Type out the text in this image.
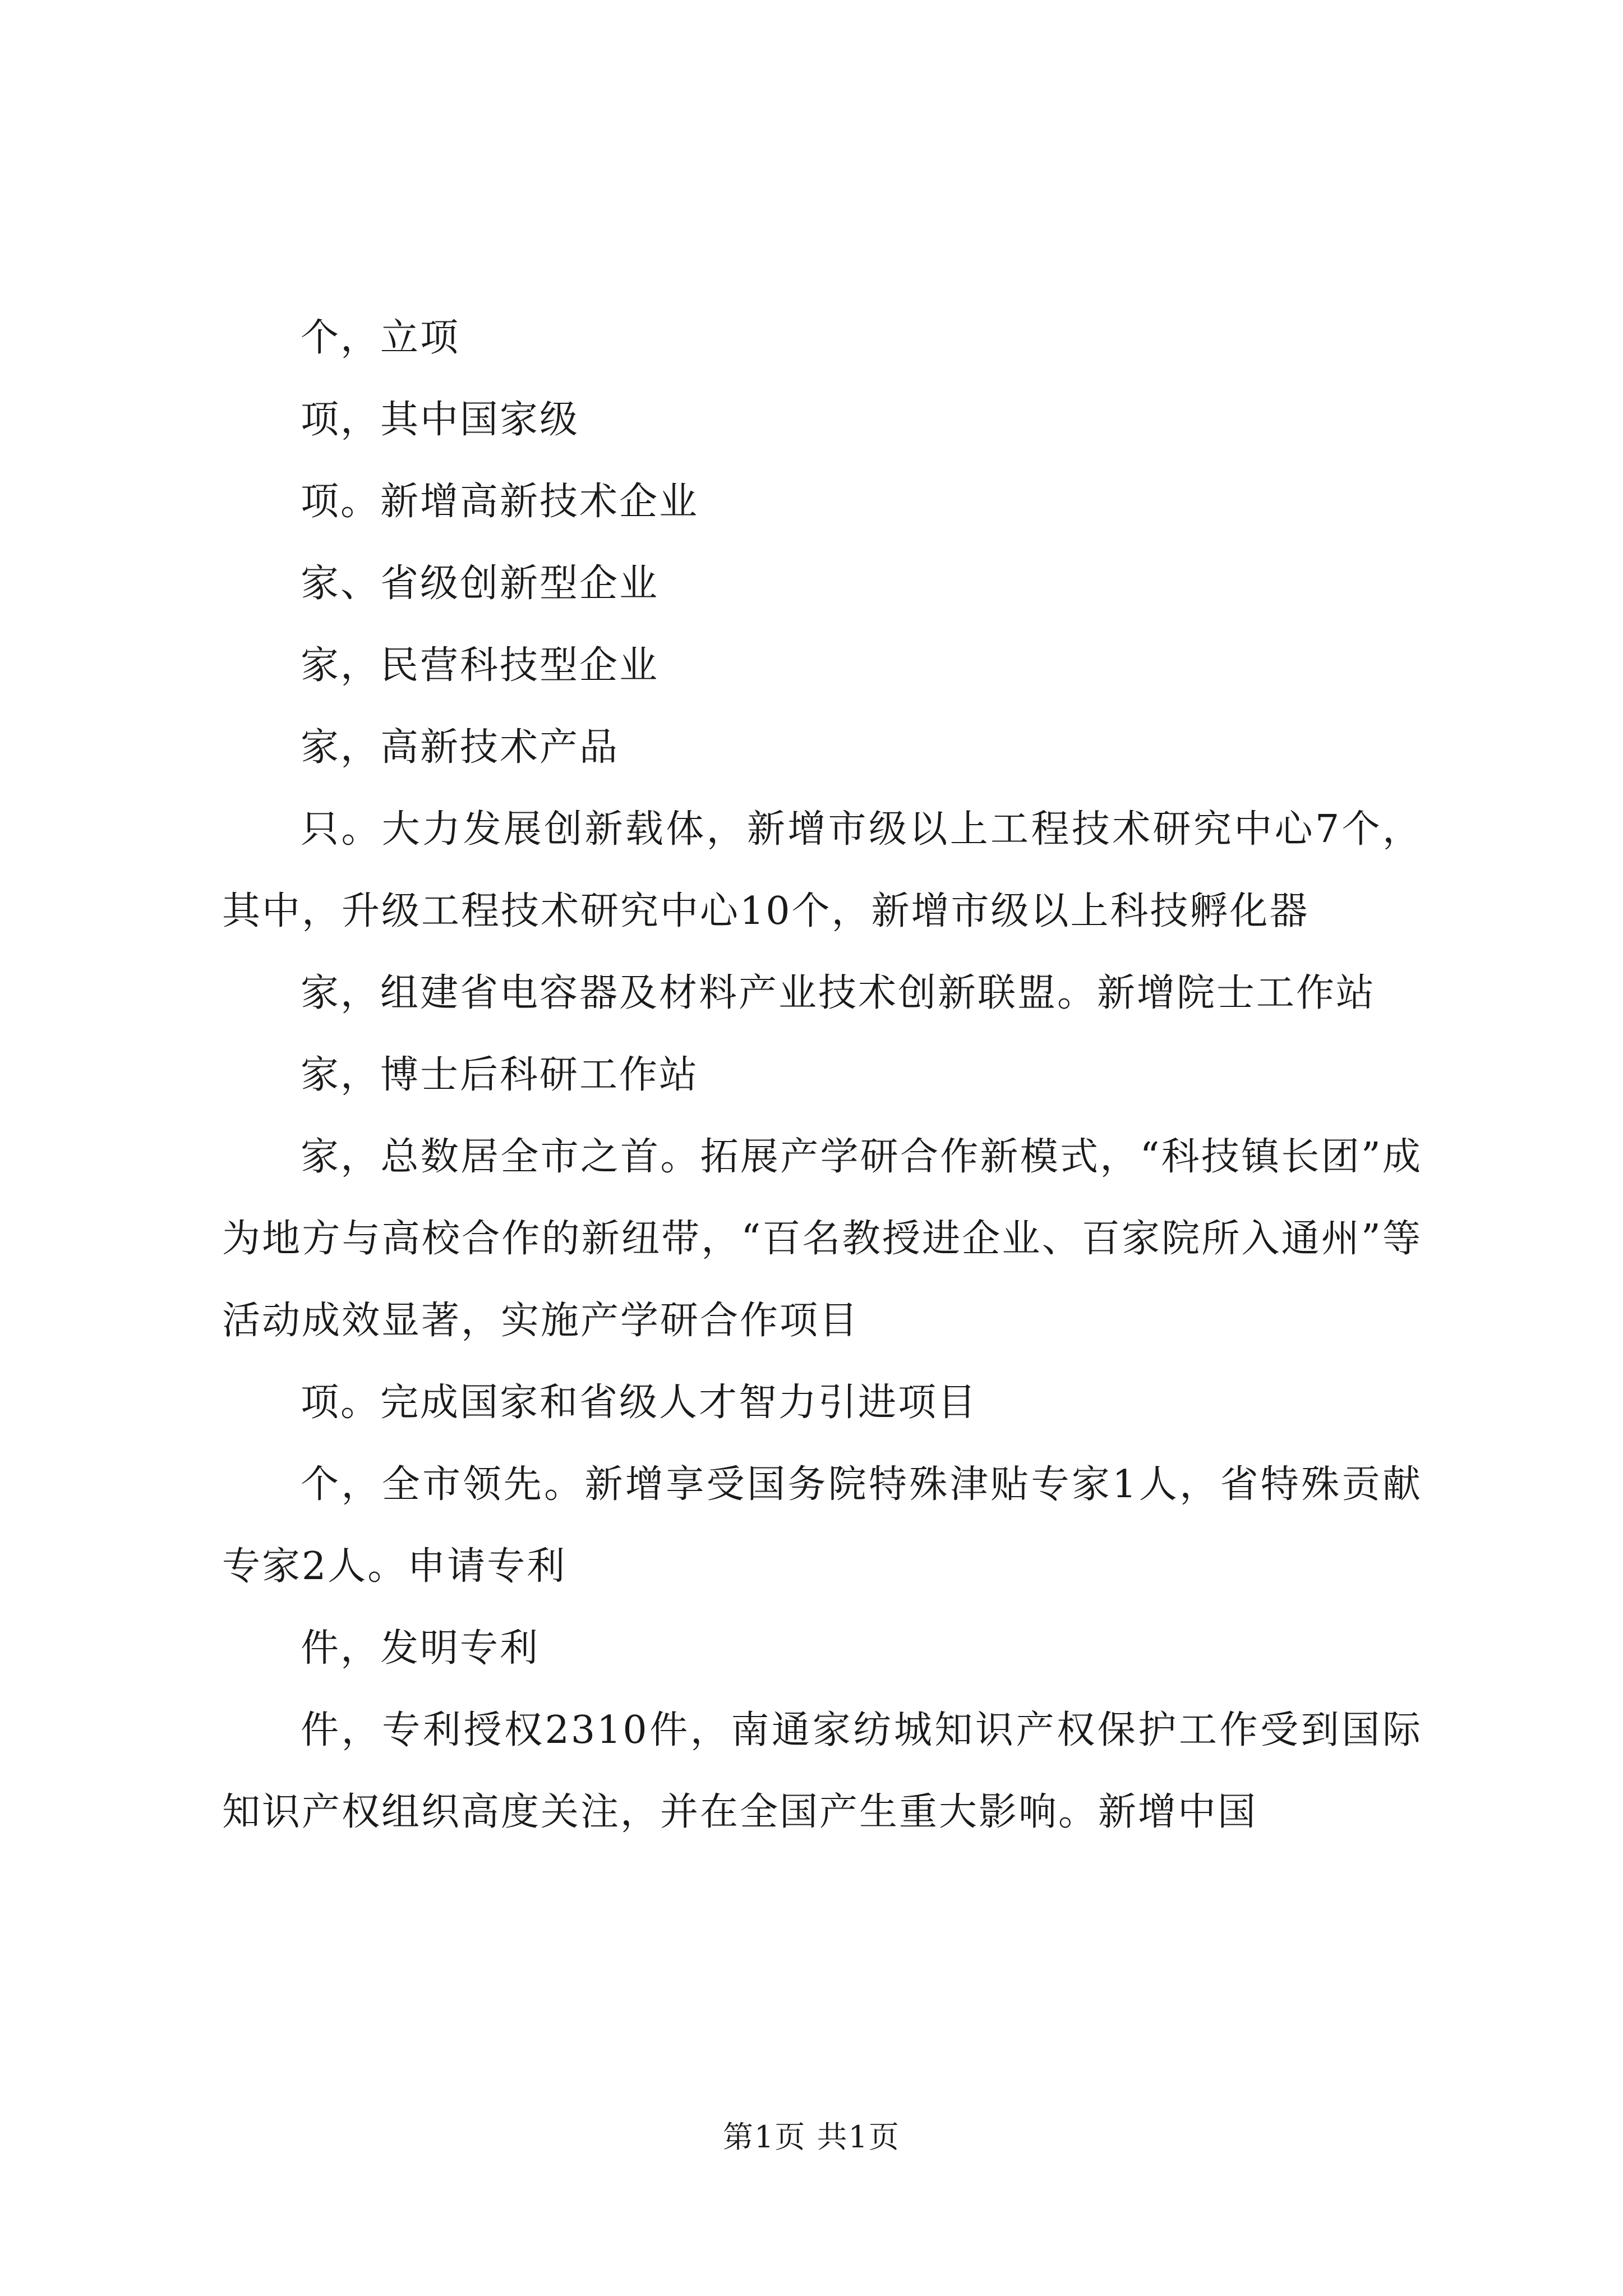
个，立项

项，其中国家级

项。新增高新技术企业

家、省级创新型企业

家，民营科技型企业

家，高新技术产品

只。大力发展创新载体，新增市级以上工程技术研究中心7个，其中，升级工程技术研究中心10个，新增市级以上科技孵化器

家，组建省电容器及材料产业技术创新联盟。新增院士工作站

家，博士后科研工作站

家，总数居全市之首。拓展产学研合作新模式，“科技镇长团”成为地方与高校合作的新纽带，“百名教授进企业、百家院所入通州”等活动成效显著，实施产学研合作项目

项。完成国家和省级人才智力引进项目

个，全市领先。新增享受国务院特殊津贴专家1人，省特殊贡献专家2人。申请专利

件，发明专利

件，专利授权2310件，南通家纺城知识产权保护工作受到国际知识产权组织高度关注，并在全国产生重大影响。新增中国

第1页 共1页
